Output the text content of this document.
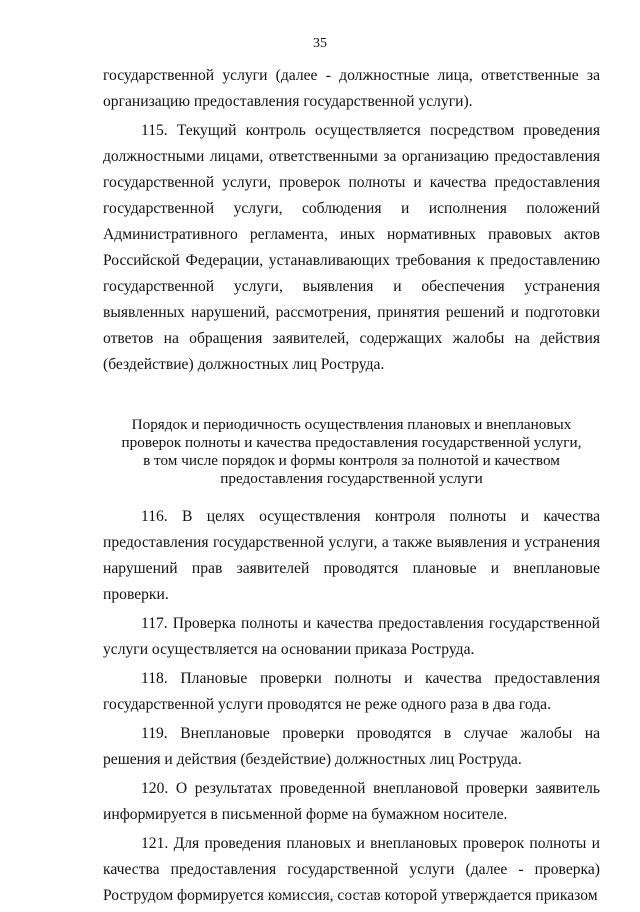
35

государственной услуги (далее - должностные лица, ответственные за организацию предоставления государственной услуги).

115. Текущий контроль осуществляется посредством проведения должностными лицами, ответственными за организацию предоставления государственной услуги, проверок полноты и качества предоставления государственной услуги, соблюдения и исполнения положений Административного регламента, иных нормативных правовых актов Российской Федерации, устанавливающих требования к предоставлению государственной услуги, выявления и обеспечения устранения выявленных нарушений, рассмотрения, принятия решений и подготовки ответов на обращения заявителей, содержащих жалобы на действия (бездействие) должностных лиц Роструда.

Порядок и периодичность осуществления плановых и внеплановых
проверок полноты и качества предоставления государственной услуги,
в том числе порядок и формы контроля за полнотой и качеством
предоставления государственной услуги

116. В целях осуществления контроля полноты и качества предоставления государственной услуги, а также выявления и устранения нарушений прав заявителей проводятся плановые и внеплановые проверки.

117. Проверка полноты и качества предоставления государственной услуги осуществляется на основании приказа Роструда.

118. Плановые проверки полноты и качества предоставления государственной услуги проводятся не реже одного раза в два года.

119. Внеплановые проверки проводятся в случае жалобы на решения и действия (бездействие) должностных лиц Роструда.

120. О результатах проведенной внеплановой проверки заявитель информируется в письменной форме на бумажном носителе.

121. Для проведения плановых и внеплановых проверок полноты и качества предоставления государственной услуги (далее - проверка) Рострудом формируется комиссия, состав которой утверждается приказом
